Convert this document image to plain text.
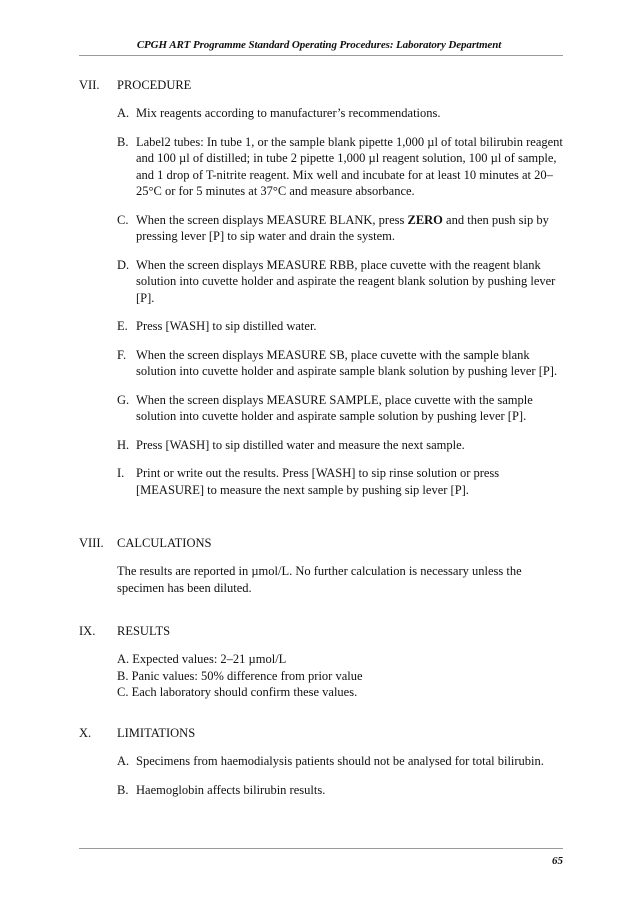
CPGH ART Programme Standard Operating Procedures: Laboratory Department
VII. PROCEDURE
A. Mix reagents according to manufacturer’s recommendations.
B. Label2 tubes: In tube 1, or the sample blank pipette 1,000 µl of total bilirubin reagent and 100 µl of distilled; in tube 2 pipette 1,000 µl reagent solution, 100 µl of sample, and 1 drop of T-nitrite reagent. Mix well and incubate for at least 10 minutes at 20–25°C or for 5 minutes at 37°C and measure absorbance.
C. When the screen displays MEASURE BLANK, press ZERO and then push sip by pressing lever [P] to sip water and drain the system.
D. When the screen displays MEASURE RBB, place cuvette with the reagent blank solution into cuvette holder and aspirate the reagent blank solution by pushing lever [P].
E. Press [WASH] to sip distilled water.
F. When the screen displays MEASURE SB, place cuvette with the sample blank solution into cuvette holder and aspirate sample blank solution by pushing lever [P].
G. When the screen displays MEASURE SAMPLE, place cuvette with the sample solution into cuvette holder and aspirate sample solution by pushing lever [P].
H. Press [WASH] to sip distilled water and measure the next sample.
I. Print or write out the results. Press [WASH] to sip rinse solution or press [MEASURE] to measure the next sample by pushing sip lever [P].
VIII. CALCULATIONS
The results are reported in µmol/L. No further calculation is necessary unless the specimen has been diluted.
IX. RESULTS
A. Expected values: 2–21 µmol/L
B. Panic values: 50% difference from prior value
C. Each laboratory should confirm these values.
X. LIMITATIONS
A. Specimens from haemodialysis patients should not be analysed for total bilirubin.
B. Haemoglobin affects bilirubin results.
65
